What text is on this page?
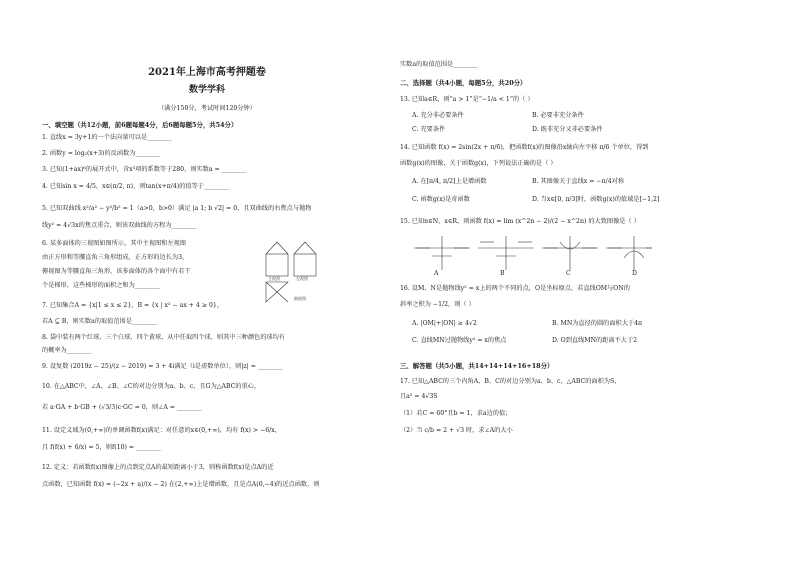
2021年上海市高考押题卷
数学学科
（满分150分，考试时间120分钟）
一、填空题（共12小题，前6题每题4分，后6题每题5分，共54分）
1. 直线x = 3y+1的一个法向量可以是________
2. 函数y = log₂(x+3)的反函数为________
3. 已知(1+ax)⁶的展开式中，含x³项的系数等于280，则实数a = ________
4. 已知sin x = 4/5，x∈(π/2, π)，则tan(x+π/4)的值等于________
5. 已知双曲线 x²/a² − y²/b² = 1（a>0，b>0）满足 |a 1; b √2| = 0，且双曲线的右焦点与抛物
线y² = 4√3x的焦点重合，则该双曲线的方程为________
6. 某多面体的三视图如图所示，其中主视图和左视图
由正方形和等腰直角三角形组成，正方形的边长为3，
俯视图为等腰直角三角形，该多面体的各个面中有若干
个是梯形，这些梯形的面积之和为________
主视图	左视图
俯视图
7. 已知集合A = {x|1 ≤ x ≤ 2}，B = {x | x² − ax + 4 ≥ 0}，
若A ⊆ B，则实数a的取值范围是________
8. 袋中装有两个红球、三个白球，四个黄球，从中任取四个球，则其中三种颜色的球均有
的概率为________
9. 设复数 (2019z − 25)/(z − 2019) = 3 + 4i满足（i是虚数单位），则|z| = ________
10. 在△ABC中，∠A、∠B、∠C的对边分别为a、b、c，且G为△ABC的重心，
若 a·GA + b·GB + (√3/3)c·GC = 0，则∠A = ________
11. 设定义域为(0,+∞)的单调函数f(x)满足：对任意的x∈(0,+∞)，均有 f(x) > −6/x，
且 f(f(x) + 6/x) = 5，则f(10) = ________
12. 定义：若函数f(x)图像上的点到定点A的最短距离小于3，则称函数f(x)是点A的近
点函数，已知函数 f(x) = (−2x + a)/(x − 2) 在(2,+∞)上是增函数，且是点A(0,−4)的近点函数，则
实数a的取值范围是________
二、选择题（共4小题，每题5分，共20分）
13. 已知a∈R，则“a > 1”是“−1/a < 1”的（ ）
A. 充分非必要条件	B. 必要非充分条件
C. 充要条件	D. 既非充分又非必要条件
14. 已知函数 f(x) = 2sin(2x + π/6)，把函数f(x)的图像沿x轴向左平移 π/6 个单位，得到
函数g(x)的图像，关于函数g(x)，下列说法正确的是（ ）
A. 在[π/4, π/2]上是增函数	B. 其图像关于直线x = −π/4对称
C. 函数g(x)是奇函数	D. 当x∈[0, π/3]时，函数g(x)的值域是[−1,2]
15. 已知n∈N，x∈R，则函数 f(x) = lim (x^2n − 2)/(2 − x^2n) 的大致图像是（ ）
A	B	C	D
16. 设M、N是抛物线y² = x上的两个不同的点，O是坐标原点，若直线OM与ON的
斜率之积为 −1/2，则（ ）
A. |OM|+|ON| ≥ 4√2	B. MN为直径的圆的面积大于4π
C. 直线MN过抛物线y² = x的焦点	D. O到直线MN的距离不大于2
三、解答题（共5小题，共14+14+14+16+18分）
17. 已知△ABC的三个内角A、B、C的对边分别为a、b、c，△ABC的面积为S，
且a² = 4√3S
（1）若C = 60°且b = 1，求a边的值；
（2）当 c/b = 2 + √3 时，求∠A的大小
